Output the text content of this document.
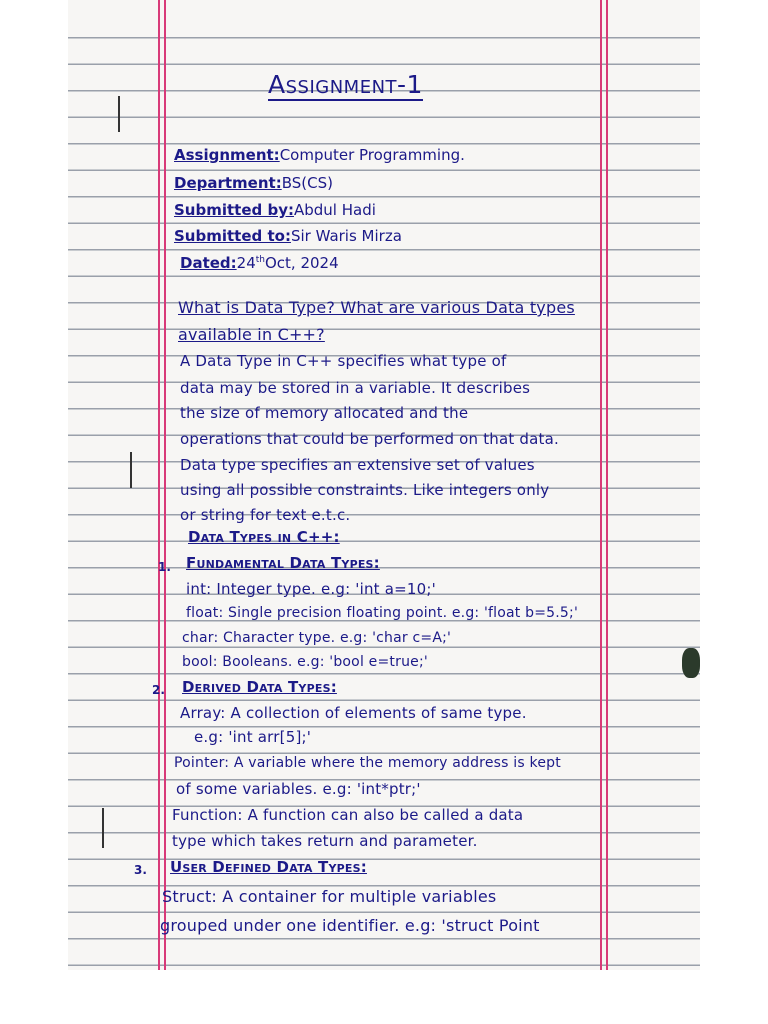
Assignment-1
Assignment:Computer Programming.
Department:BS(CS)
Submitted by:Abdul Hadi
Submitted to:Sir Waris Mirza
Dated:24thOct, 2024
What is Data Type? What are various Data types
available in C++?
A Data Type in C++ specifies what type of
data may be stored in a variable. It describes
the size of memory allocated and the
operations that could be performed on that data.
Data type specifies an extensive set of values
using all possible constraints. Like integers only
or string for text e.t.c.
Data Types in C++:
1. Fundamental Data Types:
int: Integer type. e.g: 'int a=10;'
float: Single precision floating point. e.g: 'float b=5.5;'
char: Character type. e.g: 'char c=A;'
bool: Booleans. e.g: 'bool e=true;'
2. Derived Data Types:
Array: A collection of elements of same type.
e.g: 'int arr[5];'
Pointer: A variable where the memory address is kept
of some variables. e.g: 'int*ptr;'
Function: A function can also be called a data
type which takes return and parameter.
3. User Defined Data Types:
Struct: A container for multiple variables
grouped under one identifier. e.g: 'struct Point
